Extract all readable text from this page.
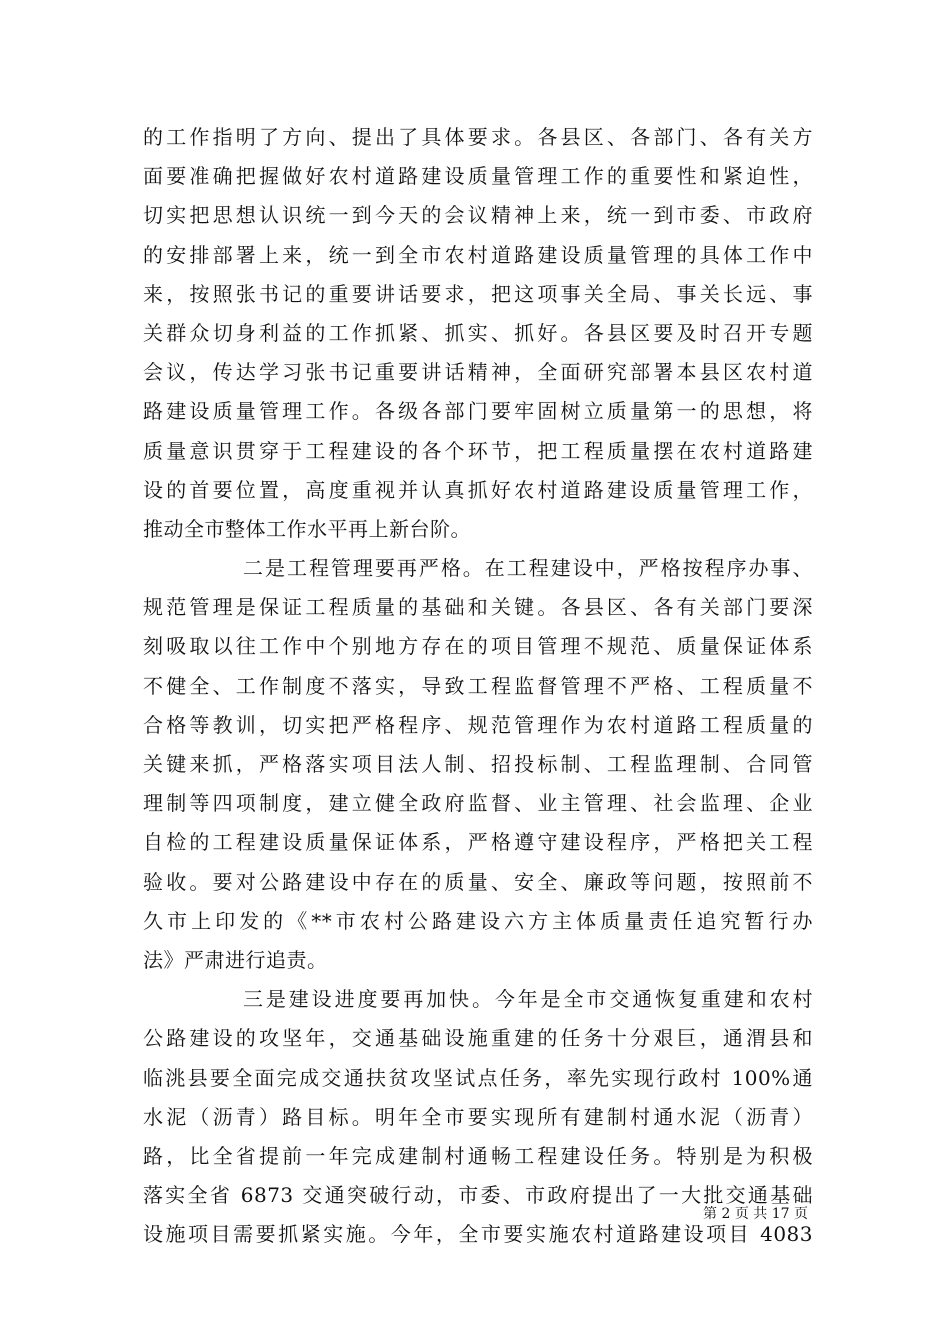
的工作指明了方向、提出了具体要求。各县区、各部门、各有关方
面要准确把握做好农村道路建设质量管理工作的重要性和紧迫性，
切实把思想认识统一到今天的会议精神上来，统一到市委、市政府
的安排部署上来，统一到全市农村道路建设质量管理的具体工作中
来，按照张书记的重要讲话要求，把这项事关全局、事关长远、事
关群众切身利益的工作抓紧、抓实、抓好。各县区要及时召开专题
会议，传达学习张书记重要讲话精神，全面研究部署本县区农村道
路建设质量管理工作。各级各部门要牢固树立质量第一的思想，将
质量意识贯穿于工程建设的各个环节，把工程质量摆在农村道路建
设的首要位置，高度重视并认真抓好农村道路建设质量管理工作，
推动全市整体工作水平再上新台阶。
二是工程管理要再严格。在工程建设中，严格按程序办事、
规范管理是保证工程质量的基础和关键。各县区、各有关部门要深
刻吸取以往工作中个别地方存在的项目管理不规范、质量保证体系
不健全、工作制度不落实，导致工程监督管理不严格、工程质量不
合格等教训，切实把严格程序、规范管理作为农村道路工程质量的
关键来抓，严格落实项目法人制、招投标制、工程监理制、合同管
理制等四项制度，建立健全政府监督、业主管理、社会监理、企业
自检的工程建设质量保证体系，严格遵守建设程序，严格把关工程
验收。要对公路建设中存在的质量、安全、廉政等问题，按照前不
久市上印发的《**市农村公路建设六方主体质量责任追究暂行办
法》严肃进行追责。
三是建设进度要再加快。今年是全市交通恢复重建和农村
公路建设的攻坚年，交通基础设施重建的任务十分艰巨，通渭县和
临洮县要全面完成交通扶贫攻坚试点任务，率先实现行政村 100%通
水泥（沥青）路目标。明年全市要实现所有建制村通水泥（沥青）
路，比全省提前一年完成建制村通畅工程建设任务。特别是为积极
落实全省 6873 交通突破行动，市委、市政府提出了一大批交通基础
设施项目需要抓紧实施。今年，全市要实施农村道路建设项目 4083
第 2 页 共 17 页
